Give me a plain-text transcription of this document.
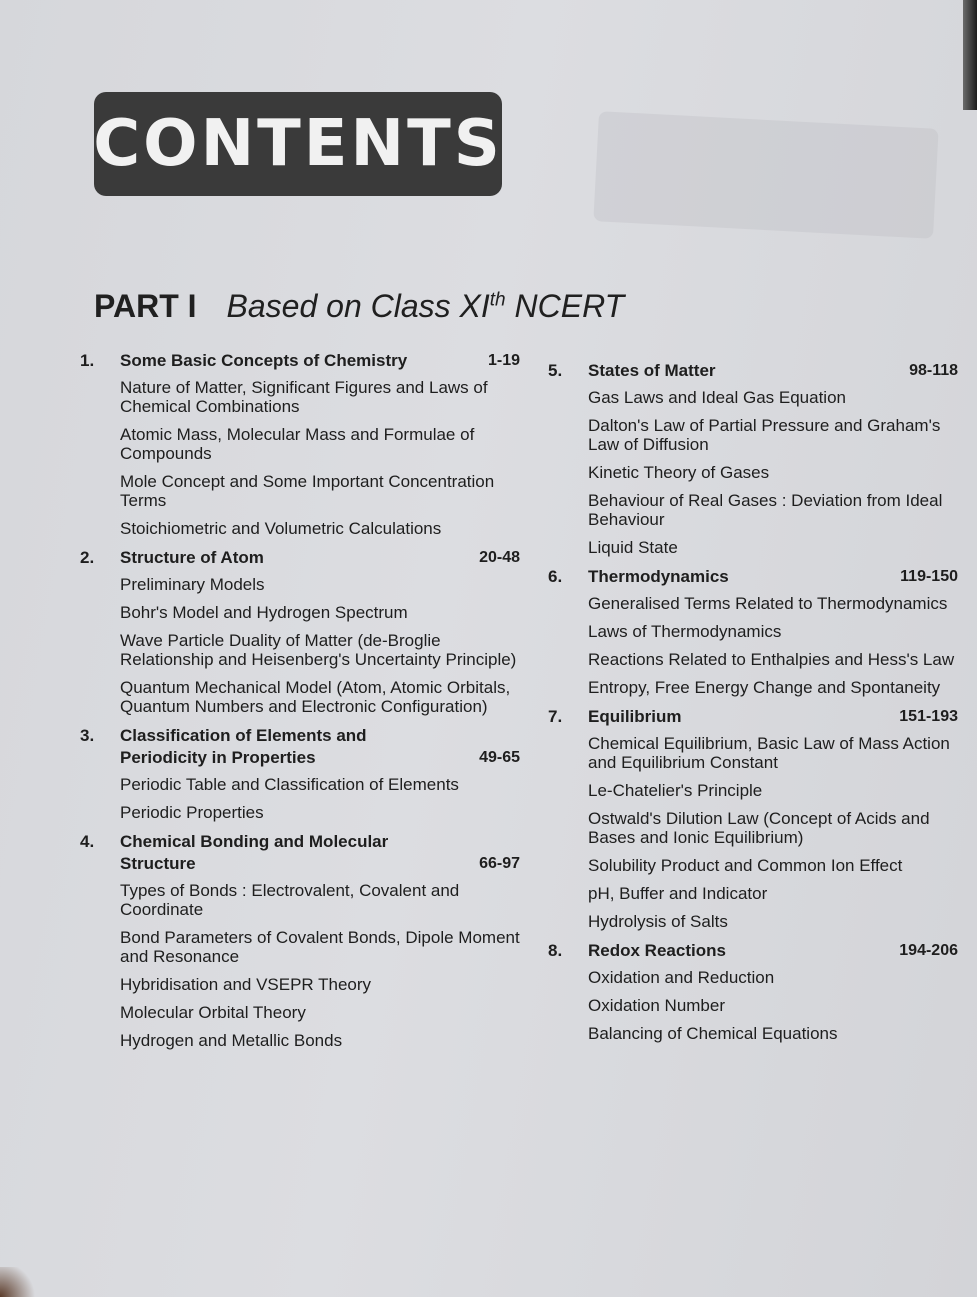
CONTENTS
PART I Based on Class XIth NCERT
1.	Some Basic Concepts of Chemistry	1-19
Nature of Matter, Significant Figures and Laws of Chemical Combinations
Atomic Mass, Molecular Mass and Formulae of Compounds
Mole Concept and Some Important Concentration Terms
Stoichiometric and Volumetric Calculations
2.	Structure of Atom	20-48
Preliminary Models
Bohr's Model and Hydrogen Spectrum
Wave Particle Duality of Matter (de-Broglie Relationship and Heisenberg's Uncertainty Principle)
Quantum Mechanical Model (Atom, Atomic Orbitals, Quantum Numbers and Electronic Configuration)
3.	Classification of Elements and Periodicity in Properties	49-65
Periodic Table and Classification of Elements
Periodic Properties
4.	Chemical Bonding and Molecular Structure	66-97
Types of Bonds : Electrovalent, Covalent and Coordinate
Bond Parameters of Covalent Bonds, Dipole Moment and Resonance
Hybridisation and VSEPR Theory
Molecular Orbital Theory
Hydrogen and Metallic Bonds
5.	States of Matter	98-118
Gas Laws and Ideal Gas Equation
Dalton's Law of Partial Pressure and Graham's Law of Diffusion
Kinetic Theory of Gases
Behaviour of Real Gases : Deviation from Ideal Behaviour
Liquid State
6.	Thermodynamics	119-150
Generalised Terms Related to Thermodynamics
Laws of Thermodynamics
Reactions Related to Enthalpies and Hess's Law
Entropy, Free Energy Change and Spontaneity
7.	Equilibrium	151-193
Chemical Equilibrium, Basic Law of Mass Action and Equilibrium Constant
Le-Chatelier's Principle
Ostwald's Dilution Law (Concept of Acids and Bases and Ionic Equilibrium)
Solubility Product and Common Ion Effect
pH, Buffer and Indicator
Hydrolysis of Salts
8.	Redox Reactions	194-206
Oxidation and Reduction
Oxidation Number
Balancing of Chemical Equations
